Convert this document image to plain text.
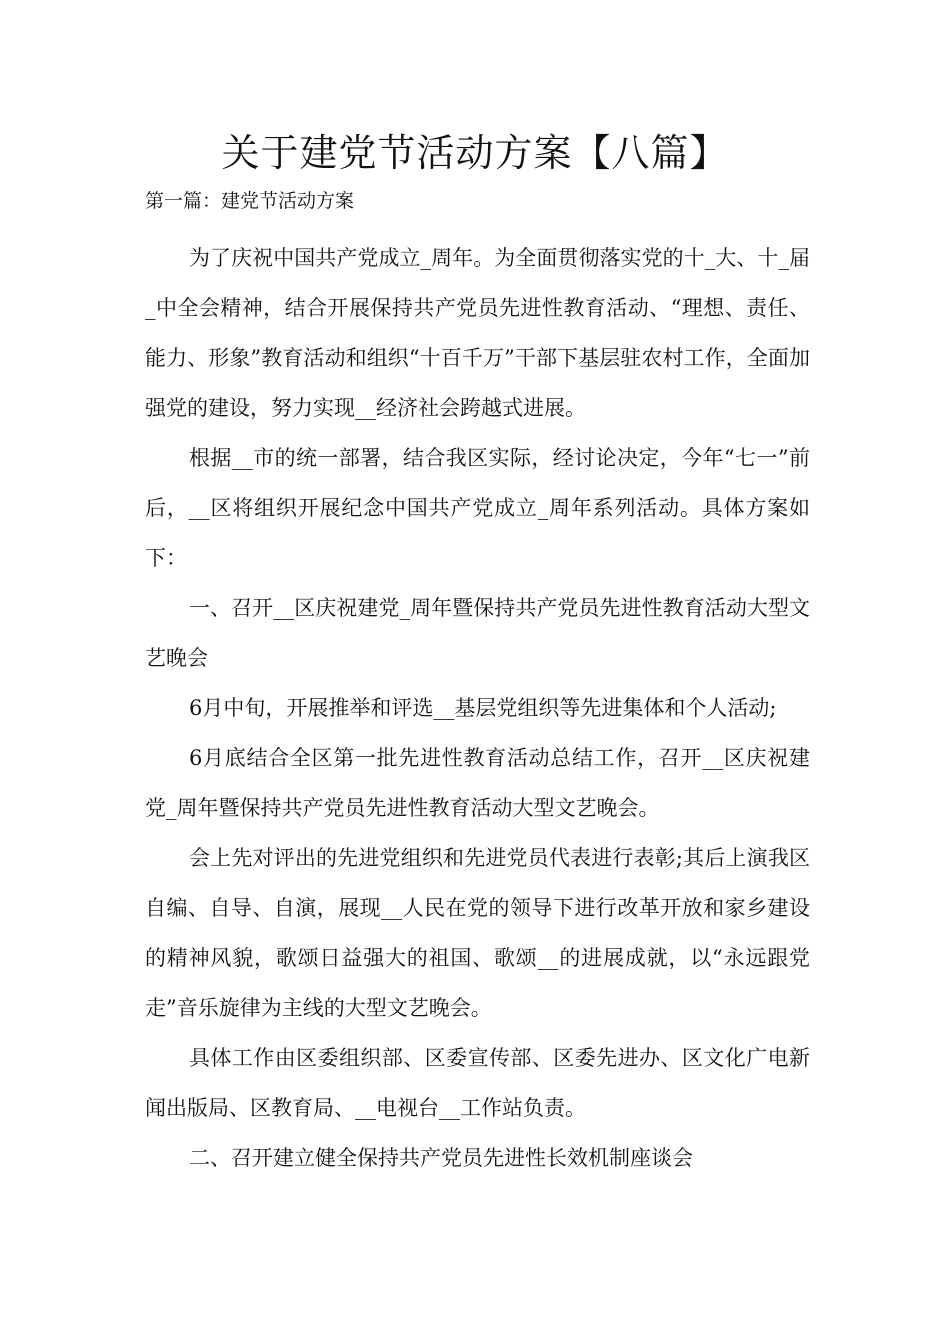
关于建党节活动方案【八篇】
第一篇：建党节活动方案

为了庆祝中国共产党成立_周年。为全面贯彻落实党的十_大、十_届_中全会精神，结合开展保持共产党员先进性教育活动、“理想、责任、能力、形象”教育活动和组织“十百千万”干部下基层驻农村工作，全面加强党的建设，努力实现__经济社会跨越式进展。

根据__市的统一部署，结合我区实际，经讨论决定，今年“七一”前后，__区将组织开展纪念中国共产党成立_周年系列活动。具体方案如下：

一、召开__区庆祝建党_周年暨保持共产党员先进性教育活动大型文艺晚会

6月中旬，开展推举和评选__基层党组织等先进集体和个人活动;

6月底结合全区第一批先进性教育活动总结工作，召开__区庆祝建党_周年暨保持共产党员先进性教育活动大型文艺晚会。

会上先对评出的先进党组织和先进党员代表进行表彰;其后上演我区自编、自导、自演，展现__人民在党的领导下进行改革开放和家乡建设的精神风貌，歌颂日益强大的祖国、歌颂__的进展成就，以“永远跟党走”音乐旋律为主线的大型文艺晚会。

具体工作由区委组织部、区委宣传部、区委先进办、区文化广电新闻出版局、区教育局、__电视台__工作站负责。

二、召开建立健全保持共产党员先进性长效机制座谈会
